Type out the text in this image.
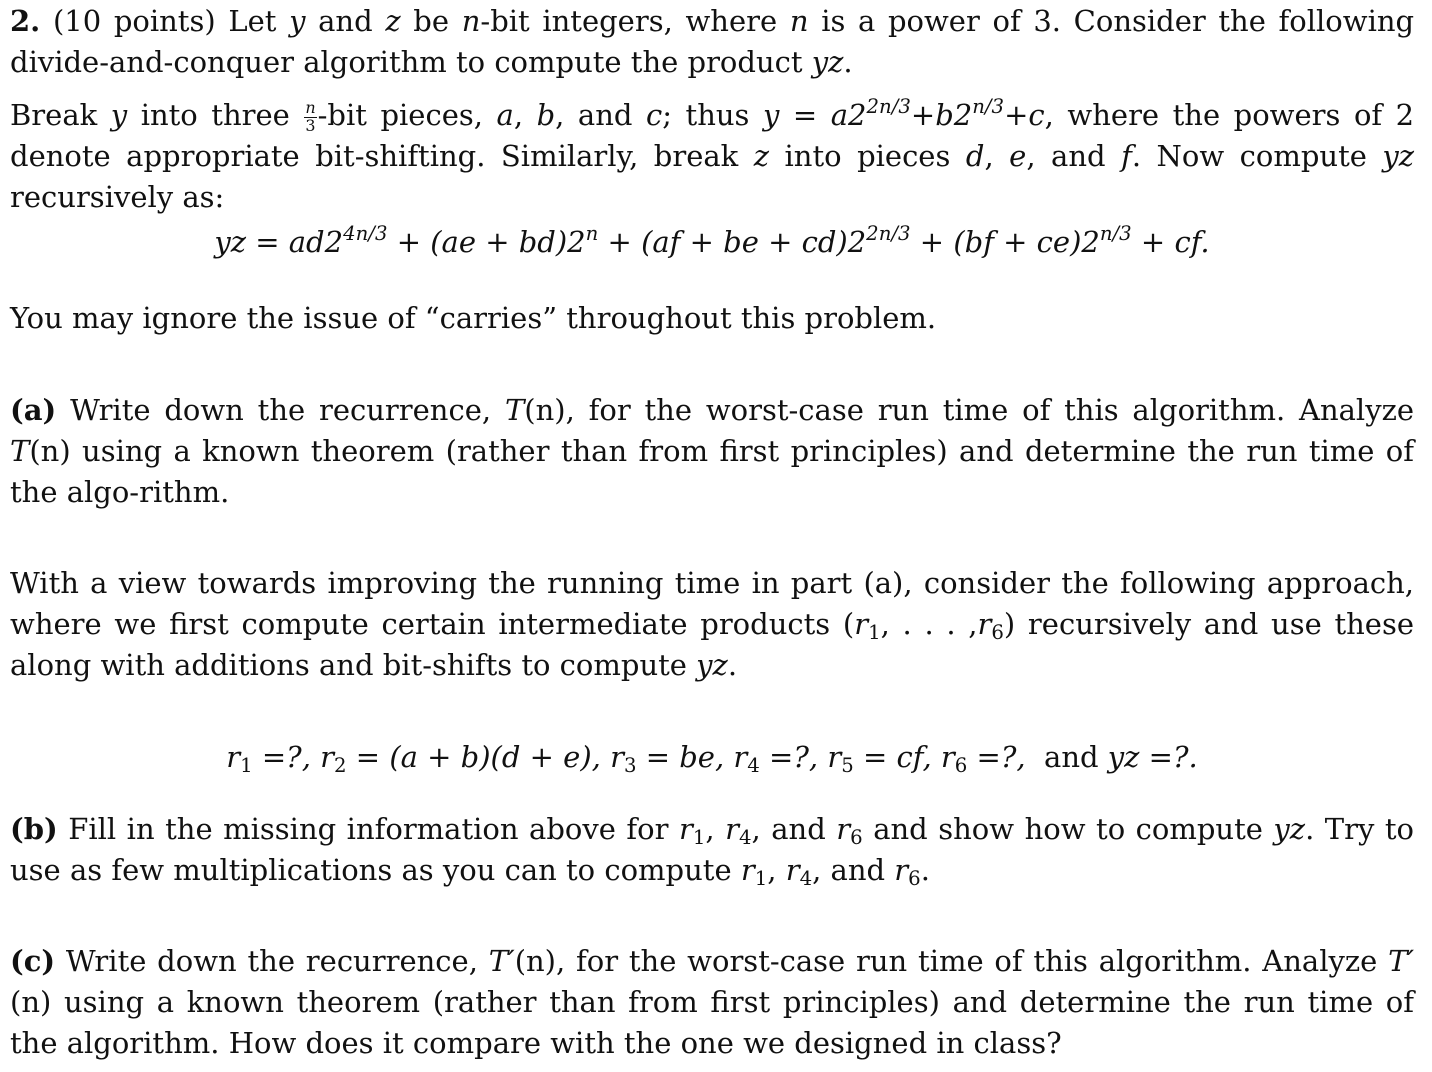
2. (10 points) Let y and z be n-bit integers, where n is a power of 3. Consider the following divide-and-conquer algorithm to compute the product yz.

Break y into three $\frac{n}{3} -bit$ pieces, a, b, and c; thus $y = a2^{2n/3}+b2^{n/3}+c$, where the powers of 2 denote appropriate bit-shifting. Similarly, break z into pieces d, e, and f. Now compute yz recursively as:

yz = $ad2^{4n/3} + (ae + bd)2^n + (af$ + be + $cd)2^{2n/3} + (bf + ce)2^{n/3}$ + cf.

You may ignore the issue of “carries” throughout this problem.

(a) Write down the recurrence, T(n), for the worst-case run time of this algorithm. Analyze T(n) using a known theorem (rather than from first principles) and determine the run time of the algo-rithm.

With a view towards improving the running time in part (a), consider the following approach, where we first compute certain intermediate products ($r_1$, . . . $,r_6$) recursively and use these along with additions and bit-shifts to compute yz.

$r_1$ =?, $r_2 = (a + b)(d + e)$, $r_3$ = be, $r_4$ =?, $r_5$ = cf, $r_6$ =?, and yz =?.

(b) Fill in the missing information above for $r_1$, $r_4$, and $r_6$ and show how to compute yz. Try to use as few multiplications as you can to compute $r_1$, $r_4$, and $r_6$.

(c) Write down the recurrence, T′(n), for the worst-case run time of this algorithm. Analyze T′(n) using a known theorem (rather than from first principles) and determine the run time of the algorithm. How does it compare with the one we designed in class?
